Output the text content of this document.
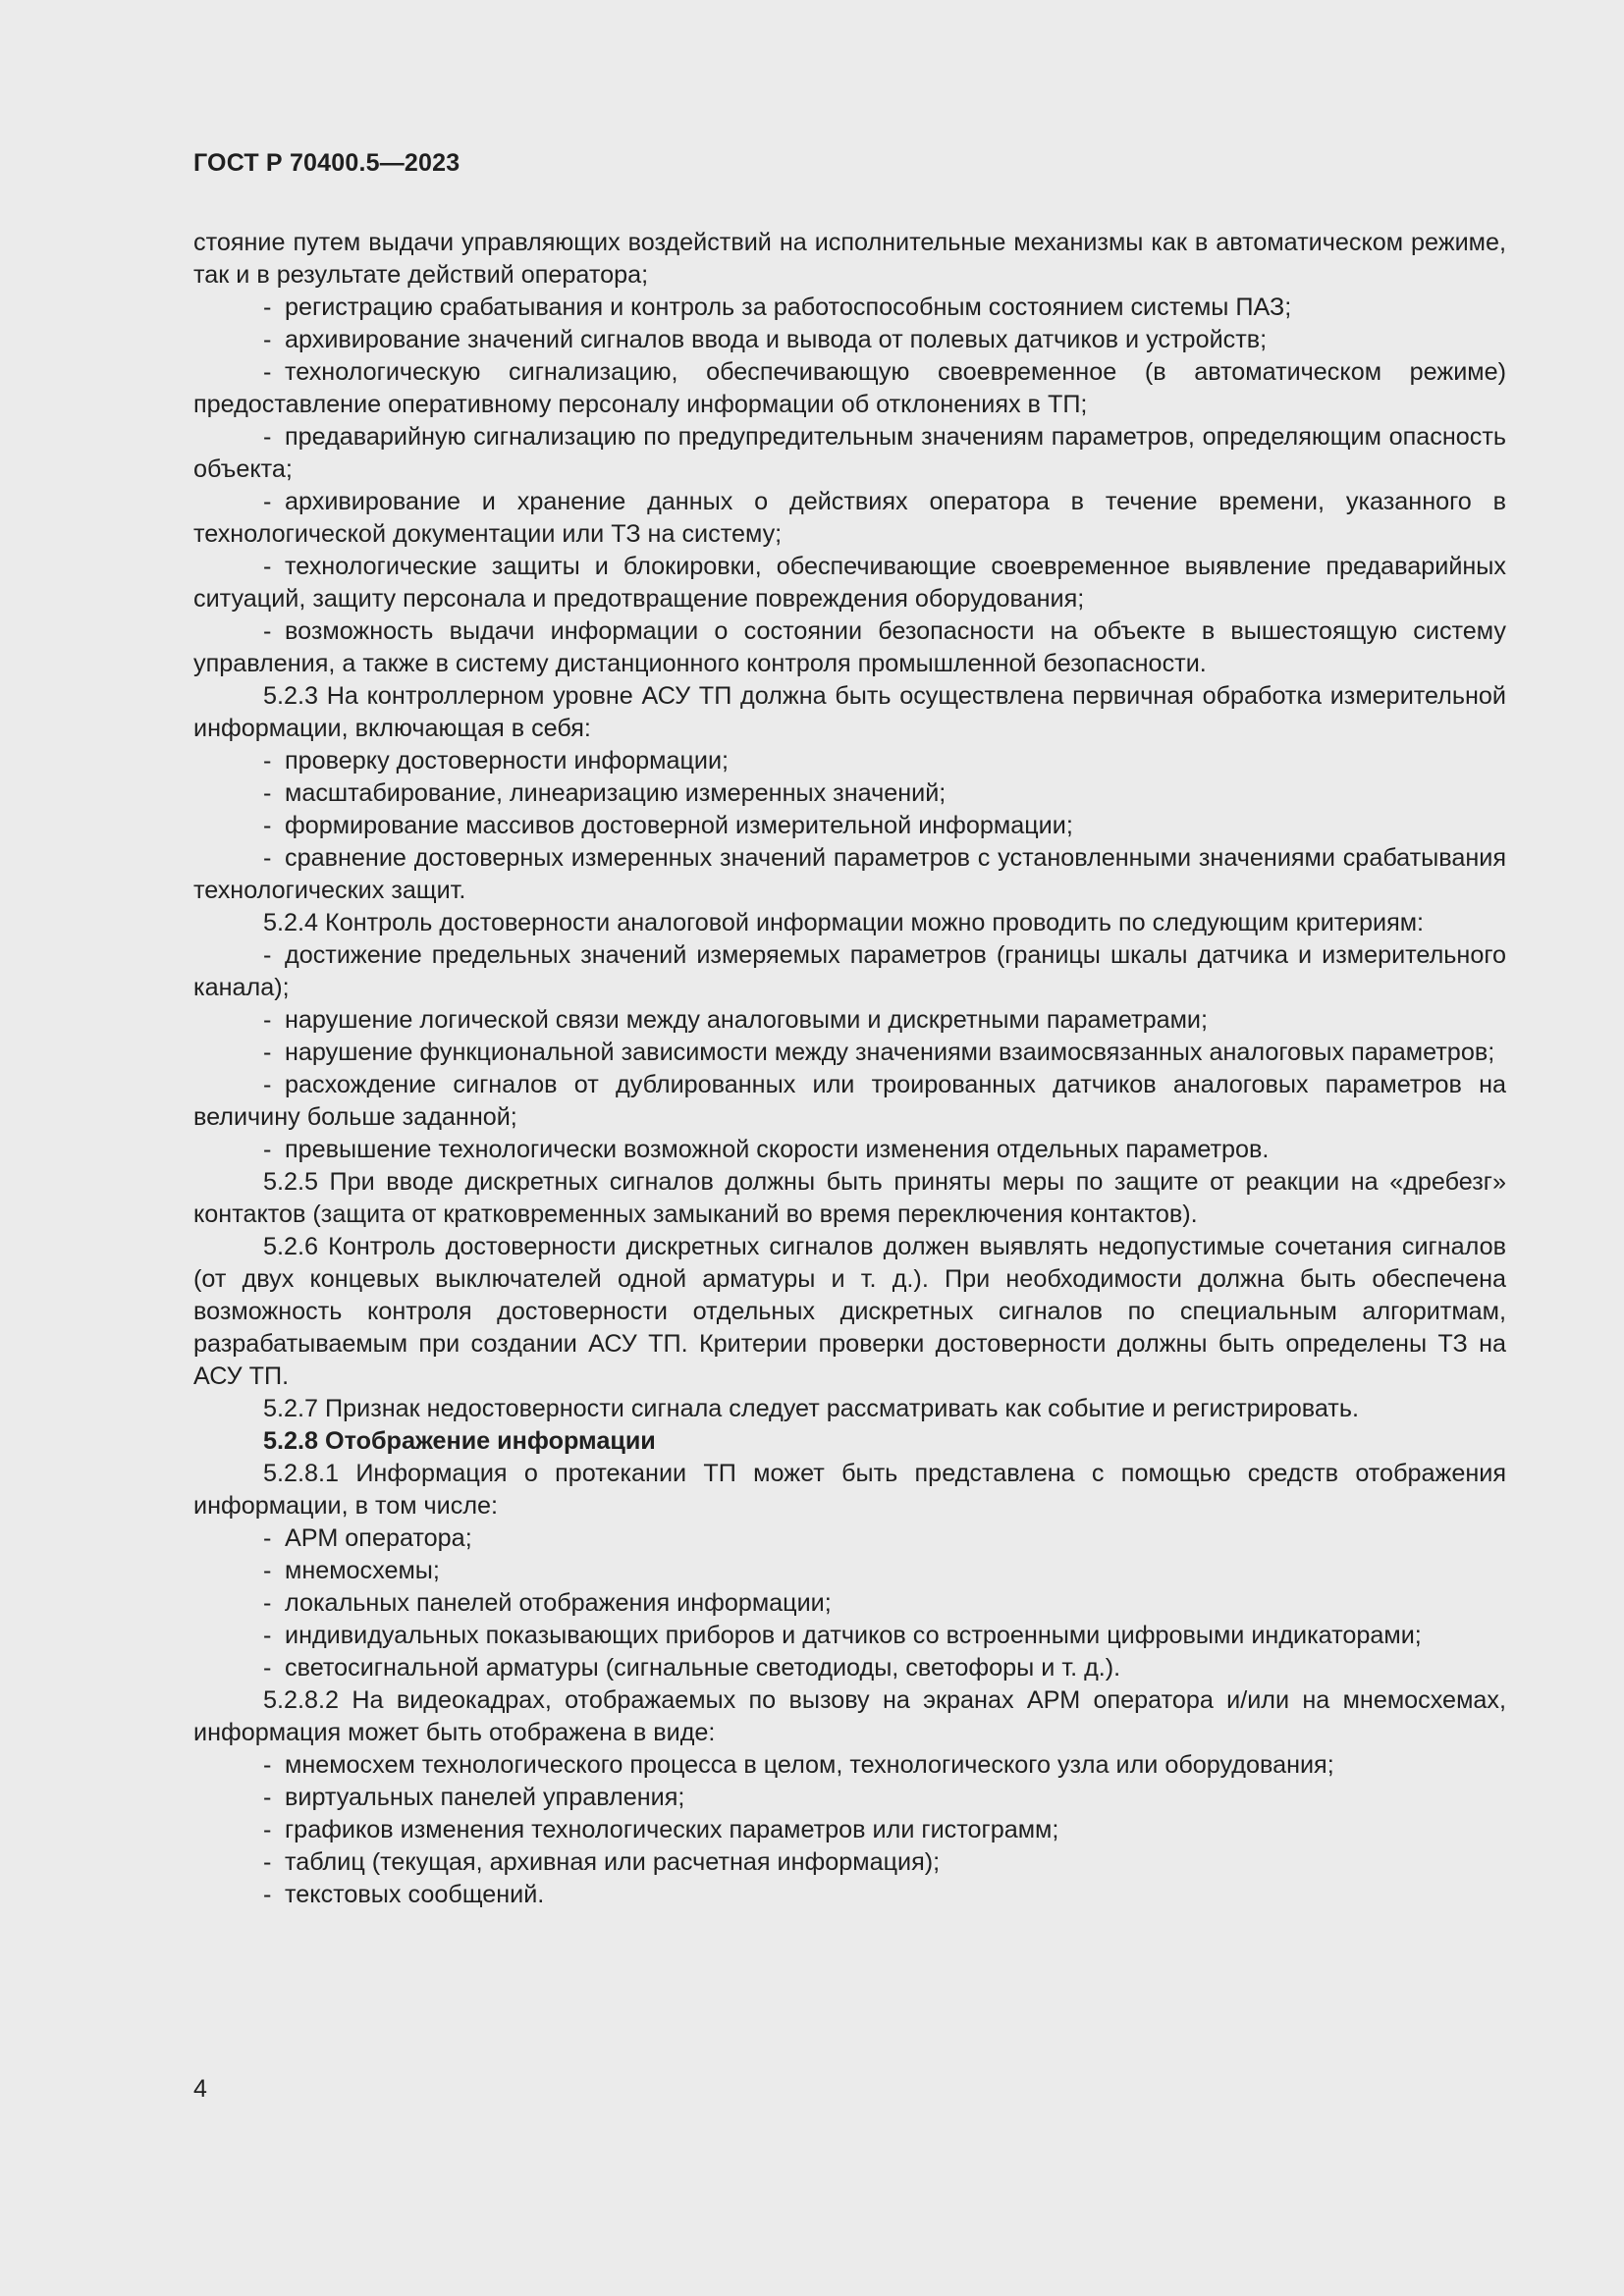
ГОСТ Р 70400.5—2023

стояние путем выдачи управляющих воздействий на исполнительные механизмы как в автоматическом режиме, так и в результате действий оператора;

- регистрацию срабатывания и контроль за работоспособным состоянием системы ПАЗ;

- архивирование значений сигналов ввода и вывода от полевых датчиков и устройств;

- технологическую сигнализацию, обеспечивающую своевременное (в автоматическом режиме) предоставление оперативному персоналу информации об отклонениях в ТП;

- предаварийную сигнализацию по предупредительным значениям параметров, определяющим опасность объекта;

- архивирование и хранение данных о действиях оператора в течение времени, указанного в технологической документации или ТЗ на систему;

- технологические защиты и блокировки, обеспечивающие своевременное выявление предаварийных ситуаций, защиту персонала и предотвращение повреждения оборудования;

- возможность выдачи информации о состоянии безопасности на объекте в вышестоящую систему управления, а также в систему дистанционного контроля промышленной безопасности.

5.2.3 На контроллерном уровне АСУ ТП должна быть осуществлена первичная обработка измерительной информации, включающая в себя:

- проверку достоверности информации;

- масштабирование, линеаризацию измеренных значений;

- формирование массивов достоверной измерительной информации;

- сравнение достоверных измеренных значений параметров с установленными значениями срабатывания технологических защит.

5.2.4 Контроль достоверности аналоговой информации можно проводить по следующим критериям:

- достижение предельных значений измеряемых параметров (границы шкалы датчика и измерительного канала);

- нарушение логической связи между аналоговыми и дискретными параметрами;

- нарушение функциональной зависимости между значениями взаимосвязанных аналоговых параметров;

- расхождение сигналов от дублированных или троированных датчиков аналоговых параметров на величину больше заданной;

- превышение технологически возможной скорости изменения отдельных параметров.

5.2.5 При вводе дискретных сигналов должны быть приняты меры по защите от реакции на «дребезг» контактов (защита от кратковременных замыканий во время переключения контактов).

5.2.6 Контроль достоверности дискретных сигналов должен выявлять недопустимые сочетания сигналов (от двух концевых выключателей одной арматуры и т. д.). При необходимости должна быть обеспечена возможность контроля достоверности отдельных дискретных сигналов по специальным алгоритмам, разрабатываемым при создании АСУ ТП. Критерии проверки достоверности должны быть определены ТЗ на АСУ ТП.

5.2.7 Признак недостоверности сигнала следует рассматривать как событие и регистрировать.

5.2.8 Отображение информации

5.2.8.1 Информация о протекании ТП может быть представлена с помощью средств отображения информации, в том числе:

- АРМ оператора;

- мнемосхемы;

- локальных панелей отображения информации;

- индивидуальных показывающих приборов и датчиков со встроенными цифровыми индикаторами;

- светосигнальной арматуры (сигнальные светодиоды, светофоры и т. д.).

5.2.8.2 На видеокадрах, отображаемых по вызову на экранах АРМ оператора и/или на мнемосхемах, информация может быть отображена в виде:

- мнемосхем технологического процесса в целом, технологического узла или оборудования;

- виртуальных панелей управления;

- графиков изменения технологических параметров или гистограмм;

- таблиц (текущая, архивная или расчетная информация);

- текстовых сообщений.

4
